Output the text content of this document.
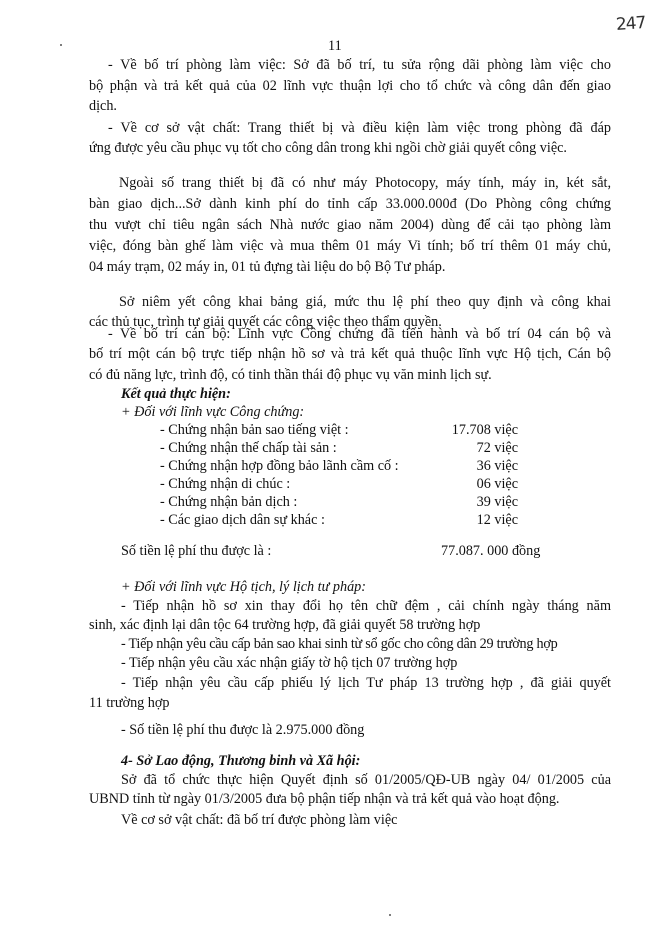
247
11
- Về bố trí phòng làm việc: Sở đã bố trí, tu sửa rộng dãi phòng làm việc cho
bộ phận và trả kết quả của 02 lĩnh vực thuận lợi cho tổ chức và công dân đến giao
dịch.
- Về cơ sở vật chất: Trang thiết bị và điều kiện làm việc trong phòng đã đáp
ứng được yêu cầu phục vụ tốt cho công dân trong khi ngồi chờ giải quyết công việc.
Ngoài số trang thiết bị đã có như máy Photocopy, máy tính, máy in, két sắt,
bàn giao dịch...Sở dành kinh phí do tỉnh cấp 33.000.000đ (Do Phòng công chứng
thu vượt chỉ tiêu ngân sách Nhà nước giao năm 2004) dùng để cải tạo phòng làm
việc, đóng bàn ghế làm việc và mua thêm 01 máy Vi tính; bố trí thêm 01 máy chủ,
04 máy trạm, 02 máy in, 01 tủ đựng tài liệu do bộ Bộ Tư pháp.
Sở niêm yết công khai bảng giá, mức thu lệ phí theo quy định và công khai
các thủ tục, trình tự giải quyết các công việc theo thẩm quyền.
- Về bố trí cán bộ: Lĩnh vực Công chứng đã tiến hành và bố trí 04 cán bộ và
bố trí một cán bộ trực tiếp nhận hồ sơ và trả kết quả thuộc lĩnh vực Hộ tịch, Cán bộ
có đủ năng lực, trình độ, có tinh thần thái độ phục vụ văn minh lịch sự.
Kết quả thực hiện:
+ Đối với lĩnh vực Công chứng:
- Chứng nhận bản sao tiếng việt :	17.708 việc
- Chứng nhận thế chấp tài sản :	72 việc
- Chứng nhận hợp đồng bảo lãnh cầm cố :	36 việc
- Chứng nhận di chúc :	06 việc
- Chứng nhận bản dịch :	39 việc
- Các giao dịch dân sự khác :	12 việc
Số tiền lệ phí thu được là :	77.087. 000 đồng
+ Đối với lĩnh vực Hộ tịch, lý lịch tư pháp:
- Tiếp nhận hồ sơ xin thay đổi họ tên chữ đệm , cải chính ngày tháng năm
sinh, xác định lại dân tộc 64 trường hợp, đã giải quyết 58 trường hợp
- Tiếp nhận yêu cầu cấp bản sao khai sinh từ sổ gốc cho công dân 29 trường hợp
- Tiếp nhận yêu cầu xác nhận giấy tờ hộ tịch 07 trường hợp
- Tiếp nhận yêu cầu cấp phiếu lý lịch Tư pháp 13 trường hợp , đã giải quyết
11 trường hợp
- Số tiền lệ phí thu được là 2.975.000 đồng
4- Sở Lao động, Thương binh và Xã hội:
Sở đã tổ chức thực hiện Quyết định số 01/2005/QĐ-UB ngày 04/ 01/2005 của
UBND tỉnh từ ngày 01/3/2005 đưa bộ phận tiếp nhận và trả kết quả vào hoạt động.
Về cơ sở vật chất: đã bố trí được phòng làm việc
